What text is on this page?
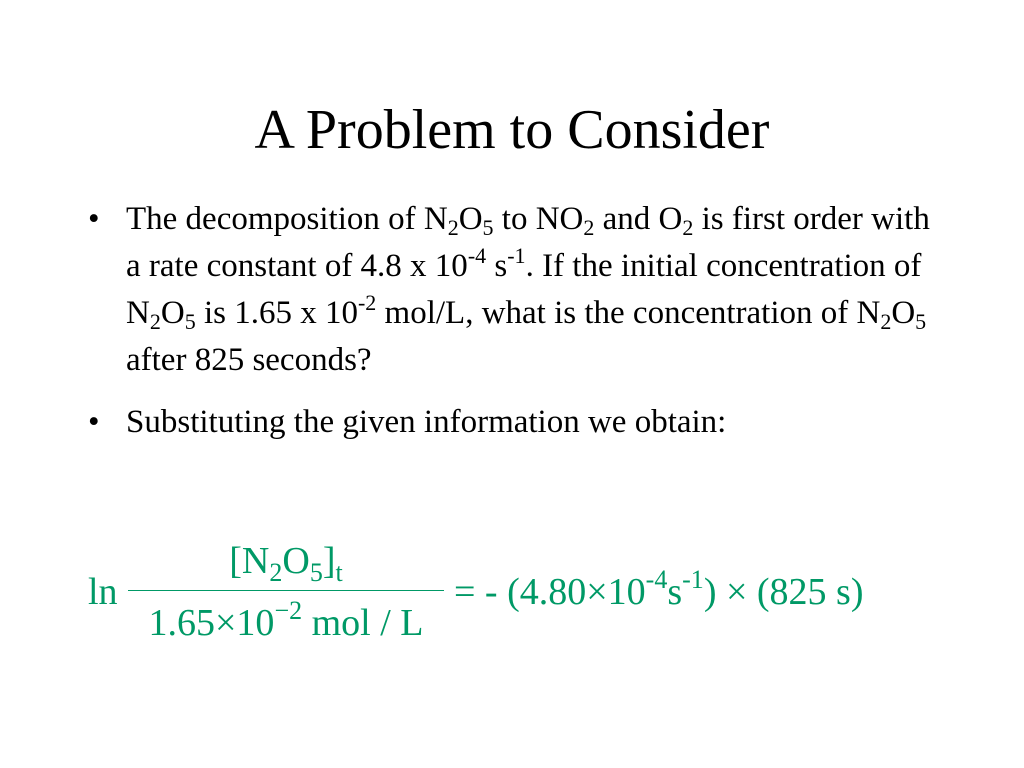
A Problem to Consider
• The decomposition of N2O5 to NO2 and O2 is first order with a rate constant of 4.8 x $10^{-4}$ $s^{-1}$. If the initial concentration of N2O5 is 1.65 x $10^{-2}$ mol/L, what is the concentration of N2O5 after 825 seconds?
• Substituting the given information we obtain:
ln
$[N_2O_5]_t$
$1.65\times 10^{-2}$ mol / L
= - $(4.80\times 10^{-4}s^{-1}) \times (825$ s)
